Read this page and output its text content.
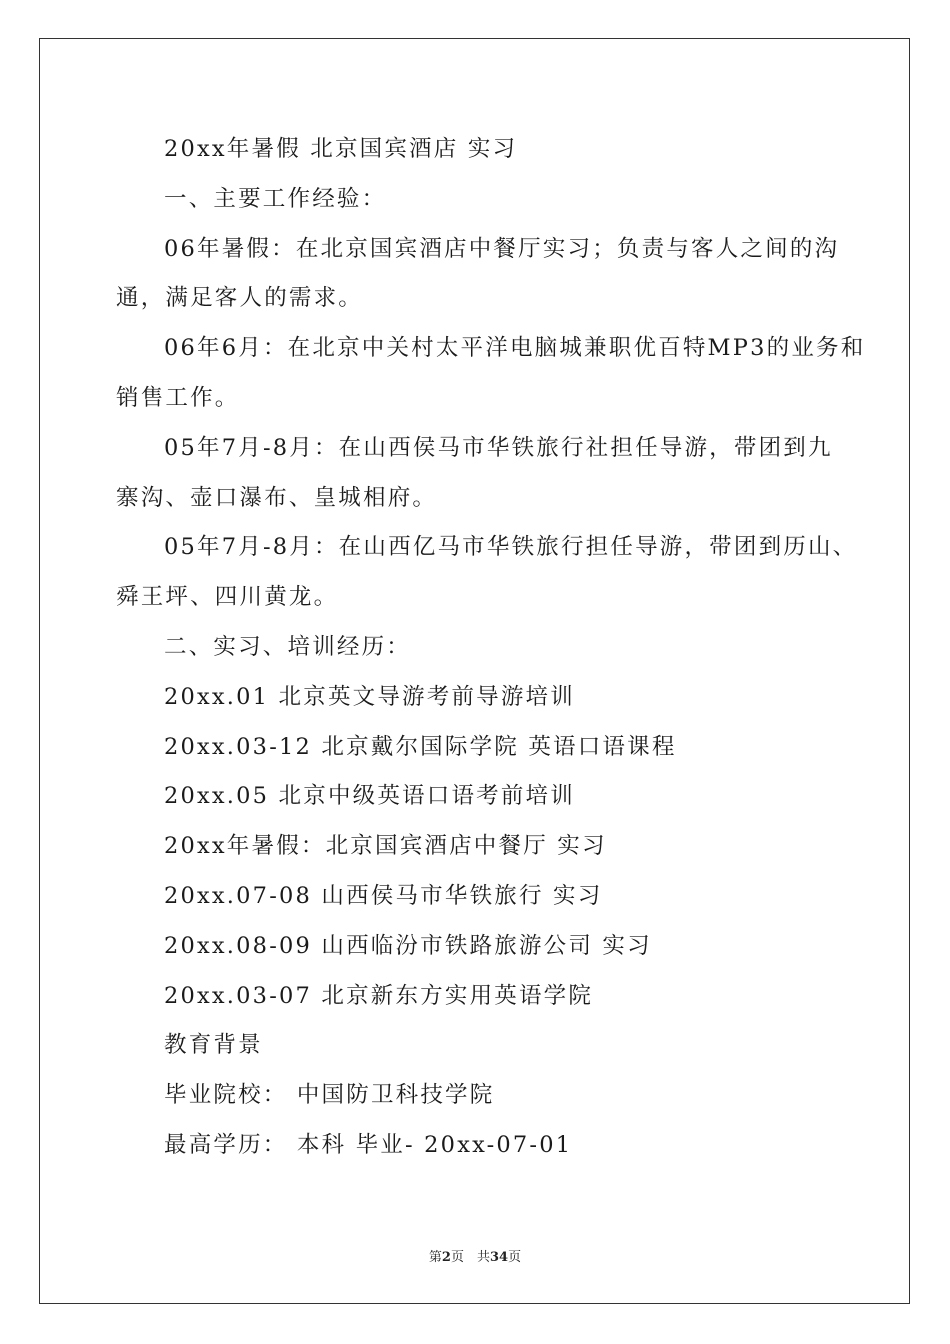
20xx年暑假 北京国宾酒店 实习
一、主要工作经验：
06年暑假：在北京国宾酒店中餐厅实习；负责与客人之间的沟
通，满足客人的需求。
06年6月：在北京中关村太平洋电脑城兼职优百特MP3的业务和
销售工作。
05年7月-8月：在山西侯马市华铁旅行社担任导游，带团到九
寨沟、壶口瀑布、皇城相府。
05年7月-8月：在山西亿马市华铁旅行担任导游，带团到历山、
舜王坪、四川黄龙。
二、实习、培训经历：
20xx.01 北京英文导游考前导游培训
20xx.03-12 北京戴尔国际学院 英语口语课程
20xx.05 北京中级英语口语考前培训
20xx年暑假：北京国宾酒店中餐厅 实习
20xx.07-08 山西侯马市华铁旅行 实习
20xx.08-09 山西临汾市铁路旅游公司 实习
20xx.03-07 北京新东方实用英语学院
教育背景
毕业院校： 中国防卫科技学院
最高学历： 本科 毕业- 20xx-07-01
第2页　共34页
